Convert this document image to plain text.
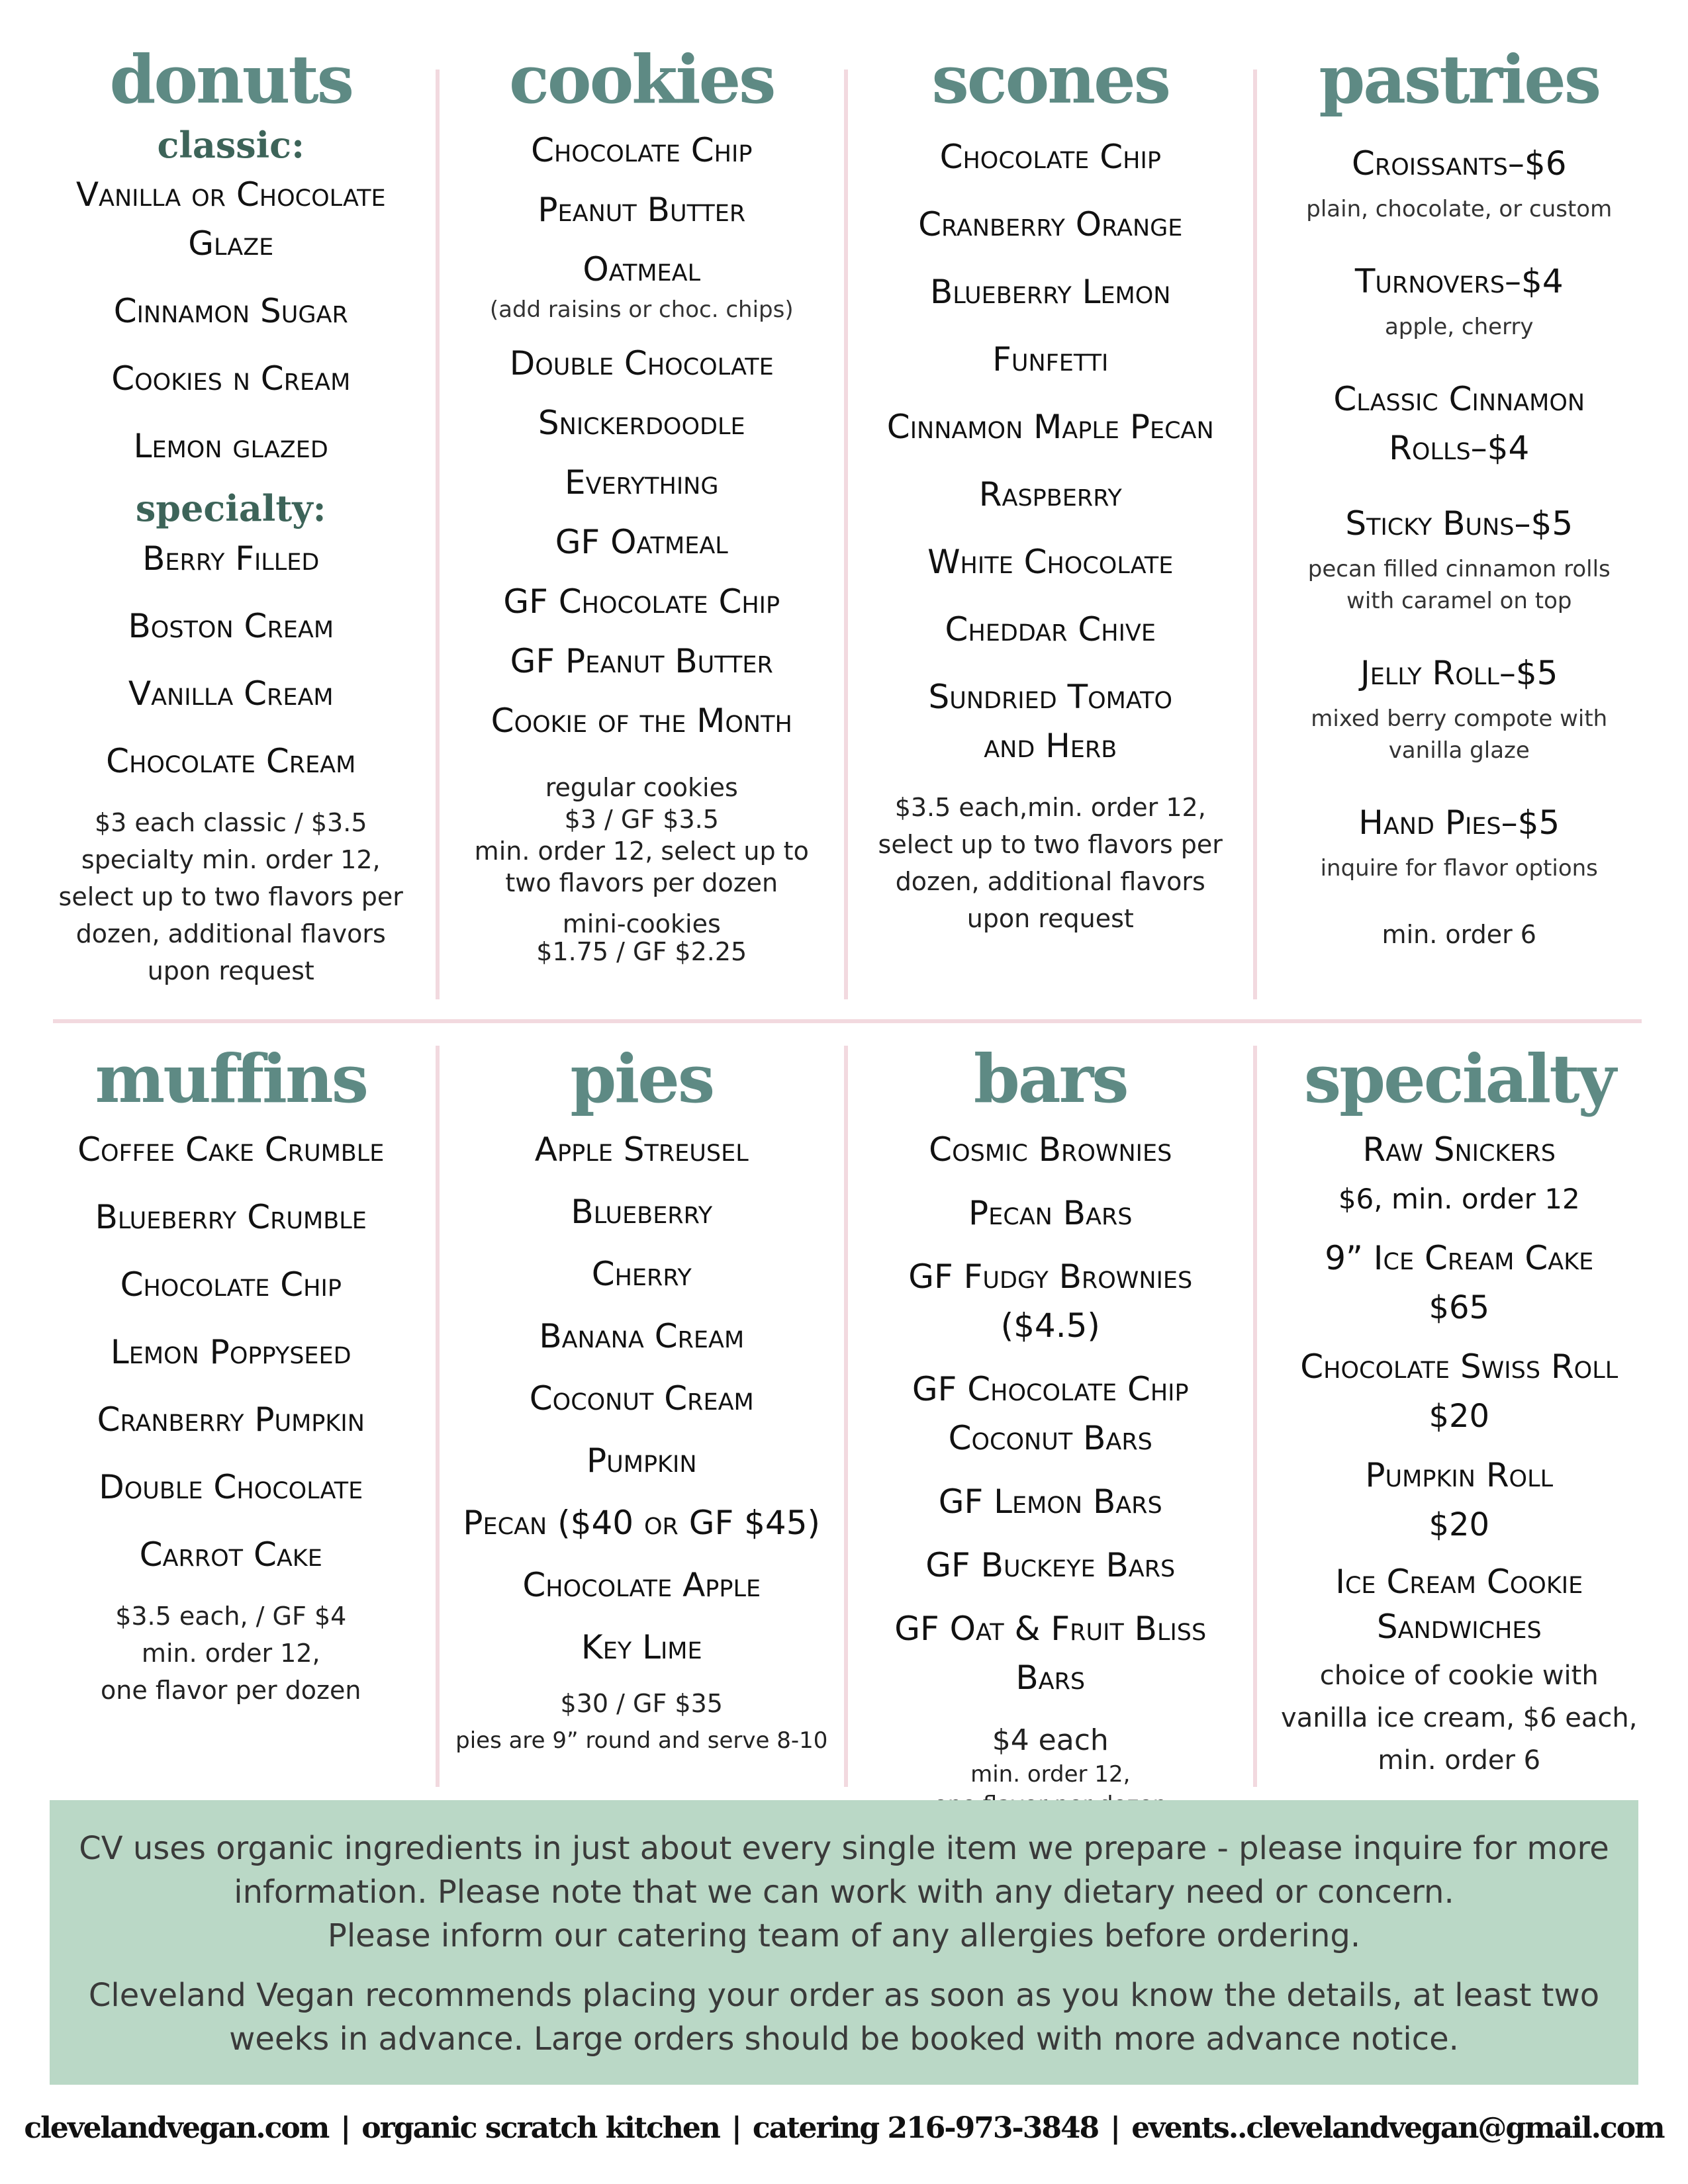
donuts
classic:
Vanilla or Chocolate Glaze
Cinnamon Sugar
Cookies n Cream
Lemon glazed
specialty:
Berry Filled
Boston Cream
Vanilla Cream
Chocolate Cream
$3 each classic / $3.5 specialty min. order 12, select up to two flavors per dozen, additional flavors upon request
cookies
Chocolate Chip
Peanut Butter
Oatmeal
(add raisins or choc. chips)
Double Chocolate
Snickerdoodle
Everything
GF Oatmeal
GF Chocolate Chip
GF Peanut Butter
Cookie of the Month
regular cookies
$3 / GF $3.5
min. order 12, select up to two flavors per dozen
mini-cookies
$1.75 / GF $2.25
scones
Chocolate Chip
Cranberry Orange
Blueberry Lemon
Funfetti
Cinnamon Maple Pecan
Raspberry
White Chocolate
Cheddar Chive
Sundried Tomato and Herb
$3.5 each,min. order 12, select up to two flavors per dozen, additional flavors upon request
pastries
Croissants–$6
plain, chocolate, or custom
Turnovers–$4
apple, cherry
Classic Cinnamon Rolls–$4
Sticky Buns–$5
pecan filled cinnamon rolls with caramel on top
Jelly Roll–$5
mixed berry compote with vanilla glaze
Hand Pies–$5
inquire for flavor options
min. order 6
muffins
Coffee Cake Crumble
Blueberry Crumble
Chocolate Chip
Lemon Poppyseed
Cranberry Pumpkin
Double Chocolate
Carrot Cake
$3.5 each, / GF $4
min. order 12,
one flavor per dozen
pies
Apple Streusel
Blueberry
Cherry
Banana Cream
Coconut Cream
Pumpkin
Pecan ($40 or GF $45)
Chocolate Apple
Key Lime
$30 / GF $35
pies are 9” round and serve 8-10
bars
Cosmic Brownies
Pecan Bars
GF Fudgy Brownies ($4.5)
GF Chocolate Chip Coconut Bars
GF Lemon Bars
GF Buckeye Bars
GF Oat & Fruit Bliss Bars
$4 each
min. order 12,
specialty
Raw Snickers
$6, min. order 12
9” Ice Cream Cake
$65
Chocolate Swiss Roll
$20
Pumpkin Roll
$20
Ice Cream Cookie Sandwiches
choice of cookie with vanilla ice cream, $6 each, min. order 6

CV uses organic ingredients in just about every single item we prepare - please inquire for more information. Please note that we can work with any dietary need or concern.
Please inform our catering team of any allergies before ordering.

Cleveland Vegan recommends placing your order as soon as you know the details, at least two weeks in advance. Large orders should be booked with more advance notice.

clevelandvegan.com | organic scratch kitchen | catering 216-973-3848 | events..clevelandvegan@gmail.com
